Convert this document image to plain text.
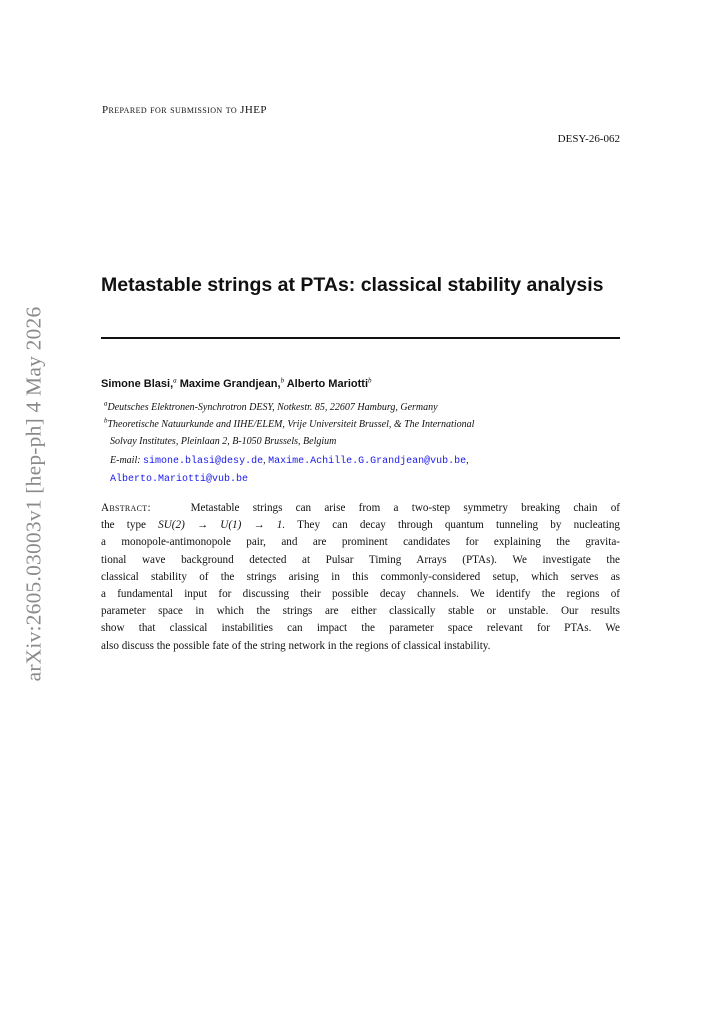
arXiv:2605.03003v1 [hep-ph] 4 May 2026
Prepared for submission to JHEP
DESY-26-062
Metastable strings at PTAs: classical stability analysis
Simone Blasi,$^a$ Maxime Grandjean,$^b$ Alberto Mariotti$^b$
$^a$Deutsches Elektronen-Synchrotron DESY, Notkestr. 85, 22607 Hamburg, Germany
$^b$Theoretische Natuurkunde and IIHE/ELEM, Vrije Universiteit Brussel, & The International
Solvay Institutes, Pleinlaan 2, B-1050 Brussels, Belgium
E-mail: simone.blasi@desy.de, Maxime.Achille.G.Grandjean@vub.be,
Alberto.Mariotti@vub.be
Abstract:	Metastable strings can arise from a two-step symmetry breaking chain of
the type SU(2) → U(1) → 1. They can decay through quantum tunneling by nucleating
a monopole-antimonopole pair, and are prominent candidates for explaining the gravita-
tional wave background detected at Pulsar Timing Arrays (PTAs). We investigate the
classical stability of the strings arising in this commonly-considered setup, which serves as
a fundamental input for discussing their possible decay channels. We identify the regions of
parameter space in which the strings are either classically stable or unstable. Our results
show that classical instabilities can impact the parameter space relevant for PTAs. We
also discuss the possible fate of the string network in the regions of classical instability.
